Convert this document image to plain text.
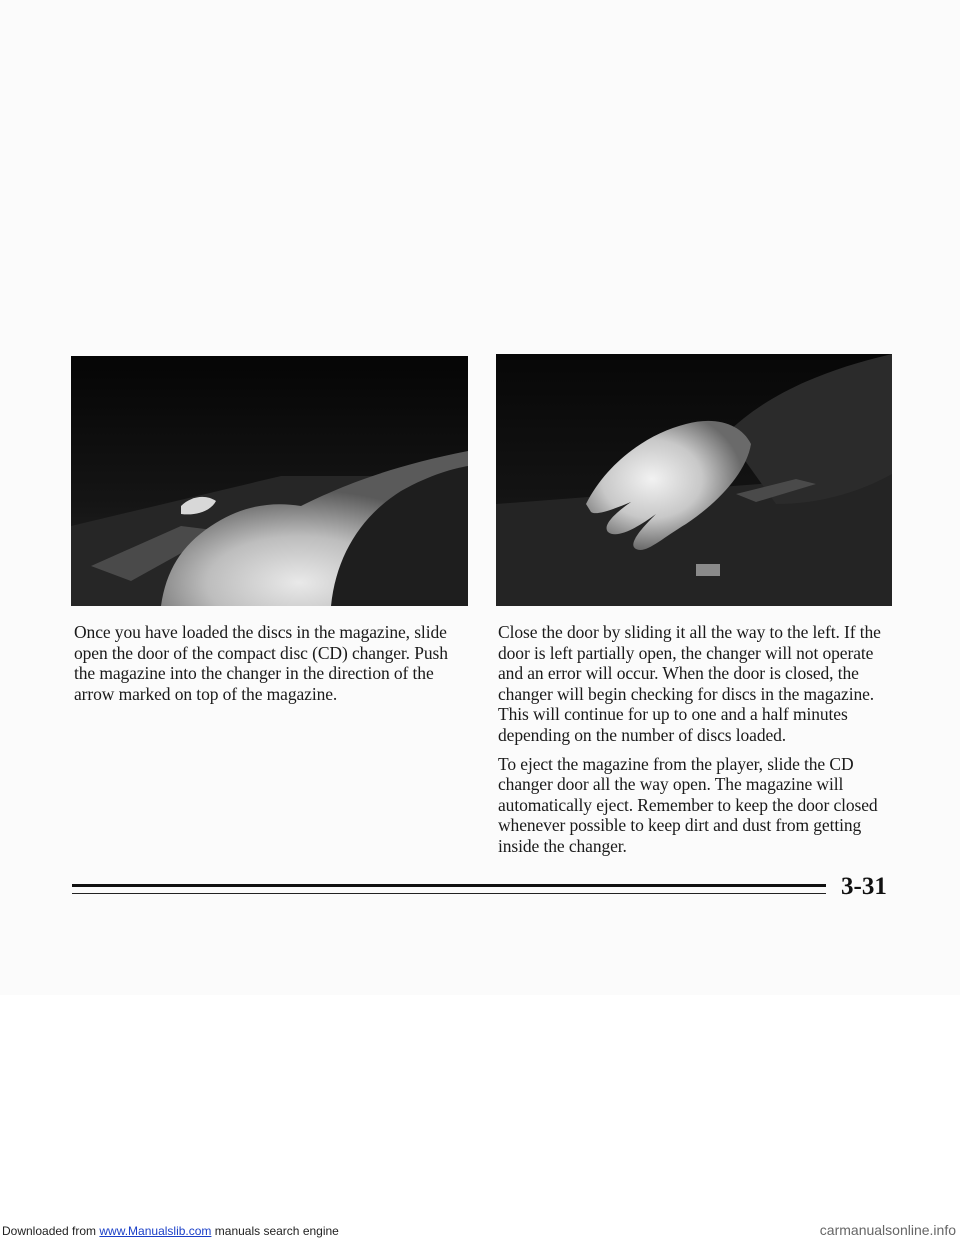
Once you have loaded the discs in the magazine, slide open the door of the compact disc (CD) changer. Push the magazine into the changer in the direction of the arrow marked on top of the magazine.

Close the door by sliding it all the way to the left. If the door is left partially open, the changer will not operate and an error will occur. When the door is closed, the changer will begin checking for discs in the magazine. This will continue for up to one and a half minutes depending on the number of discs loaded.

To eject the magazine from the player, slide the CD changer door all the way open. The magazine will automatically eject. Remember to keep the door closed whenever possible to keep dirt and dust from getting inside the changer.

3-31
Downloaded from www.Manualslib.com manuals search engine	carmanualsonline.info
